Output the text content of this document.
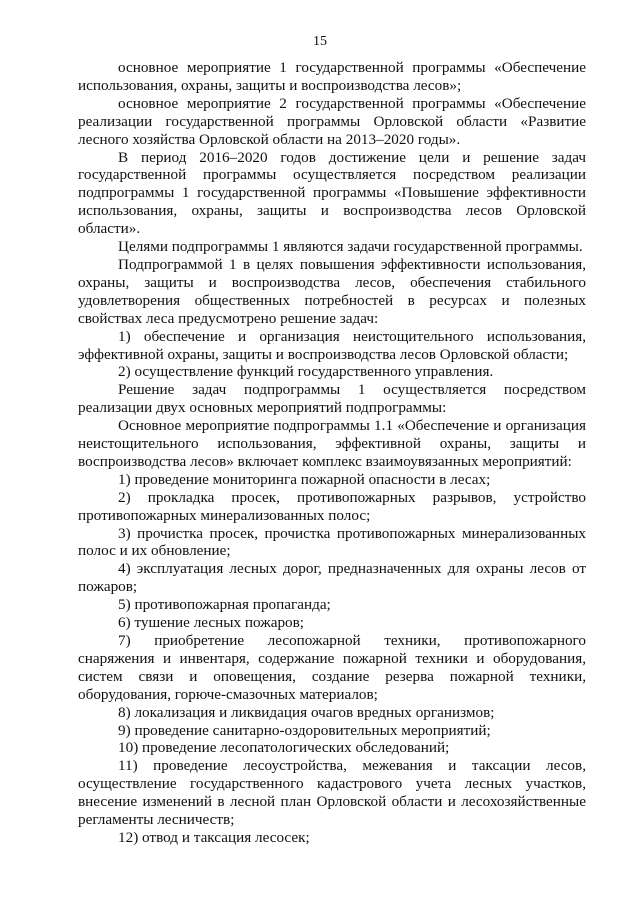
15

основное мероприятие 1 государственной программы «Обеспечение использования, охраны, защиты и воспроизводства лесов»;

основное мероприятие 2 государственной программы «Обеспечение реализации государственной программы Орловской области «Развитие лесного хозяйства Орловской области на 2013–2020 годы».

В период 2016–2020 годов достижение цели и решение задач государственной программы осуществляется посредством реализации подпрограммы 1 государственной программы «Повышение эффективности использования, охраны, защиты и воспроизводства лесов Орловской области».

Целями подпрограммы 1 являются задачи государственной программы.

Подпрограммой 1 в целях повышения эффективности использования, охраны, защиты и воспроизводства лесов, обеспечения стабильного удовлетворения общественных потребностей в ресурсах и полезных свойствах леса предусмотрено решение задач:

1) обеспечение и организация неистощительного использования, эффективной охраны, защиты и воспроизводства лесов Орловской области;

2) осуществление функций государственного управления.

Решение задач подпрограммы 1 осуществляется посредством реализации двух основных мероприятий подпрограммы:

Основное мероприятие подпрограммы 1.1 «Обеспечение и организация неистощительного использования, эффективной охраны, защиты и воспроизводства лесов» включает комплекс взаимоувязанных мероприятий:

1) проведение мониторинга пожарной опасности в лесах;

2) прокладка просек, противопожарных разрывов, устройство противопожарных минерализованных полос;

3) прочистка просек, прочистка противопожарных минерализованных полос и их обновление;

4) эксплуатация лесных дорог, предназначенных для охраны лесов от пожаров;

5) противопожарная пропаганда;

6) тушение лесных пожаров;

7) приобретение лесопожарной техники, противопожарного снаряжения и инвентаря, содержание пожарной техники и оборудования, систем связи и оповещения, создание резерва пожарной техники, оборудования, горюче-смазочных материалов;

8) локализация и ликвидация очагов вредных организмов;

9) проведение санитарно-оздоровительных мероприятий;

10) проведение лесопатологических обследований;

11) проведение лесоустройства, межевания и таксации лесов, осуществление государственного кадастрового учета лесных участков, внесение изменений в лесной план Орловской области и лесохозяйственные регламенты лесничеств;

12) отвод и таксация лесосек;
